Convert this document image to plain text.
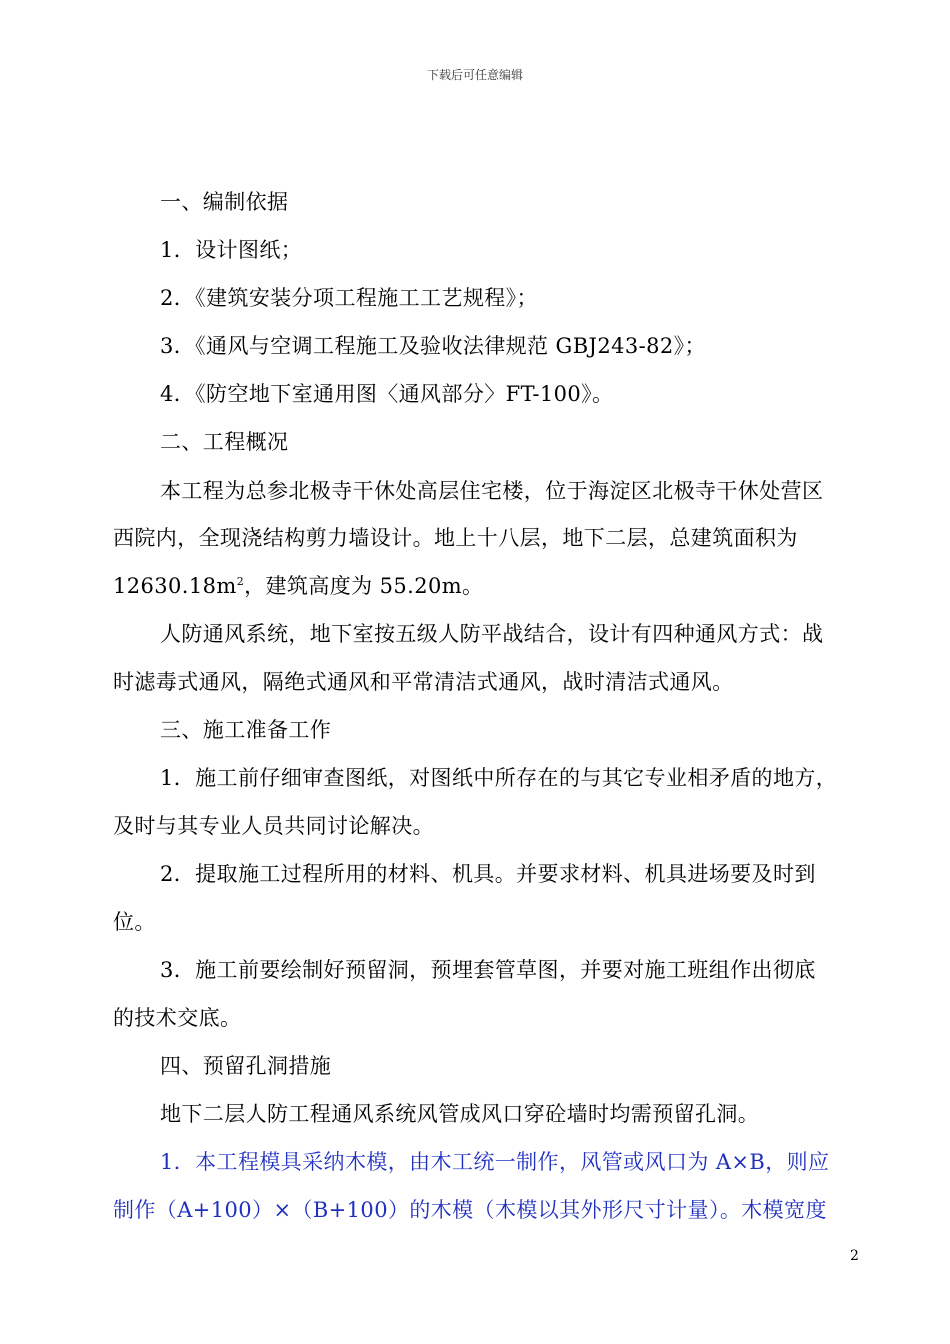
下载后可任意编辑
一、编制依据
1．设计图纸；
2．《建筑安装分项工程施工工艺规程》；
3．《通风与空调工程施工及验收法律规范 GBJ243-82》；
4．《防空地下室通用图〈通风部分〉FT-100》。
二、工程概况
本工程为总参北极寺干休处高层住宅楼，位于海淀区北极寺干休处营区
西院内，全现浇结构剪力墙设计。地上十八层，地下二层，总建筑面积为
$12630.18m^2$，建筑高度为 55.20m。
人防通风系统，地下室按五级人防平战结合，设计有四种通风方式：战
时滤毒式通风，隔绝式通风和平常清洁式通风，战时清洁式通风。
三、施工准备工作
1．施工前仔细审查图纸，对图纸中所存在的与其它专业相矛盾的地方，
及时与其专业人员共同讨论解决。
2．提取施工过程所用的材料、机具。并要求材料、机具进场要及时到
位。
3．施工前要绘制好预留洞，预埋套管草图，并要对施工班组作出彻底
的技术交底。
四、预留孔洞措施
地下二层人防工程通风系统风管成风口穿砼墙时均需预留孔洞。
1．本工程模具采纳木模，由木工统一制作，风管或风口为 A×B，则应
制作（A+100）×（B+100）的木模（木模以其外形尺寸计量）。木模宽度
2
